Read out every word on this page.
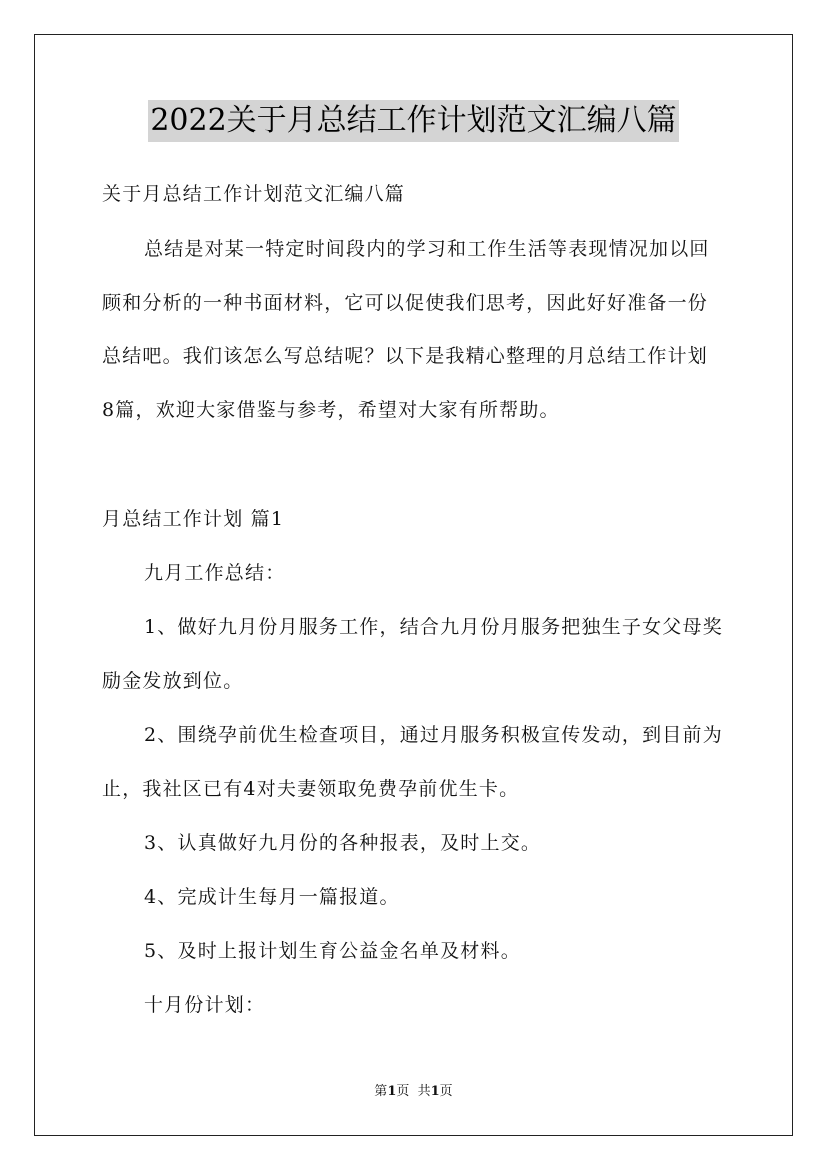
2022关于月总结工作计划范文汇编八篇
关于月总结工作计划范文汇编八篇
总结是对某一特定时间段内的学习和工作生活等表现情况加以回
顾和分析的一种书面材料，它可以促使我们思考，因此好好准备一份
总结吧。我们该怎么写总结呢？以下是我精心整理的月总结工作计划
8篇，欢迎大家借鉴与参考，希望对大家有所帮助。
月总结工作计划 篇1
九月工作总结：
1、做好九月份月服务工作，结合九月份月服务把独生子女父母奖
励金发放到位。
2、围绕孕前优生检查项目，通过月服务积极宣传发动，到目前为
止，我社区已有4对夫妻领取免费孕前优生卡。
3、认真做好九月份的各种报表，及时上交。
4、完成计生每月一篇报道。
5、及时上报计划生育公益金名单及材料。
十月份计划：
第1页  共1页
